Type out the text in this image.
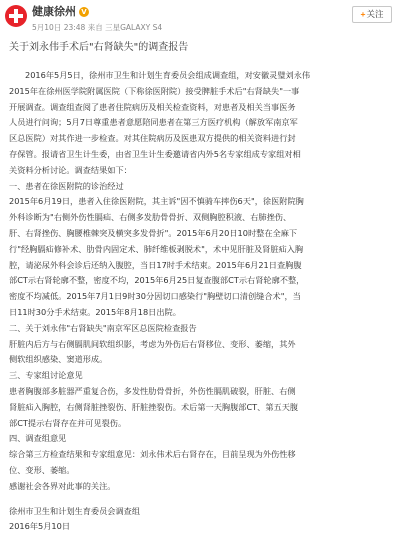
健康徐州 V
5月10日 23:48 来自 三星GALAXY S4
+关注
关于刘永伟手术后"右肾缺失"的调查报告
2016年5月5日，徐州市卫生和计划生育委员会组成调查组，对安徽灵璧刘永伟
2015年在徐州医学院附属医院（下称徐医附院）接受脾脏手术后"右肾缺失"一事
开展调查。调查组查阅了患者住院病历及相关检查资料，对患者及相关当事医务
人员进行问询；5月7日尊重患者意愿陪同患者在第三方医疗机构（解放军南京军
区总医院）对其作进一步检查。对其住院病历及医患双方提供的相关资料进行封
存保管。报请省卫生计生委，由省卫生计生委邀请省内外5名专家组成专家组对相
关资料分析讨论。调查结果如下：
一、患者在徐医附院的诊治经过
2015年6月19日，患者入住徐医附院，其主诉"因不慎骑车摔伤6天"，徐医附院胸
外科诊断为"右侧外伤性膈疝、右侧多发肋骨骨折、双侧胸腔积液、右肺挫伤、
肝、右肾挫伤、胸腰椎棘突及横突多发骨折"。2015年6月20日10时整在全麻下
行"经胸膈疝修补术、肋骨内固定术、肺纤维板剥脱术"，术中见肝脏及肾脏疝入胸
腔，请泌尿外科会诊后还纳入腹腔，当日17时手术结束。2015年6月21日查胸腹
部CT示右肾轮廓不整，密度不均，2015年6月25日复查腹部CT示右肾轮廓不整，
密度不均减低。2015年7月1日9时30分因切口感染行"胸壁切口清创缝合术"，当
日11时30分手术结束。2015年8月18日出院。
二、关于刘永伟"右肾缺失"南京军区总医院检查报告
肝脏内后方与右侧膈肌间软组织影，考虑为外伤后右肾移位、变形、萎缩，其外
侧软组织感染、窦道形成。
三、专家组讨论意见
患者胸腹部多脏器严重复合伤，多发性肋骨骨折，外伤性膈肌破裂，肝脏、右侧
肾脏疝入胸腔，右侧肾脏挫裂伤、肝脏挫裂伤。术后第一天胸腹部CT、第五天腹
部CT提示右肾存在并可见裂伤。
四、调查组意见
综合第三方检查结果和专家组意见：刘永伟术后右肾存在，目前呈现为外伤性移
位、变形、萎缩。
感谢社会各界对此事的关注。
徐州市卫生和计划生育委员会调查组
2016年5月10日
